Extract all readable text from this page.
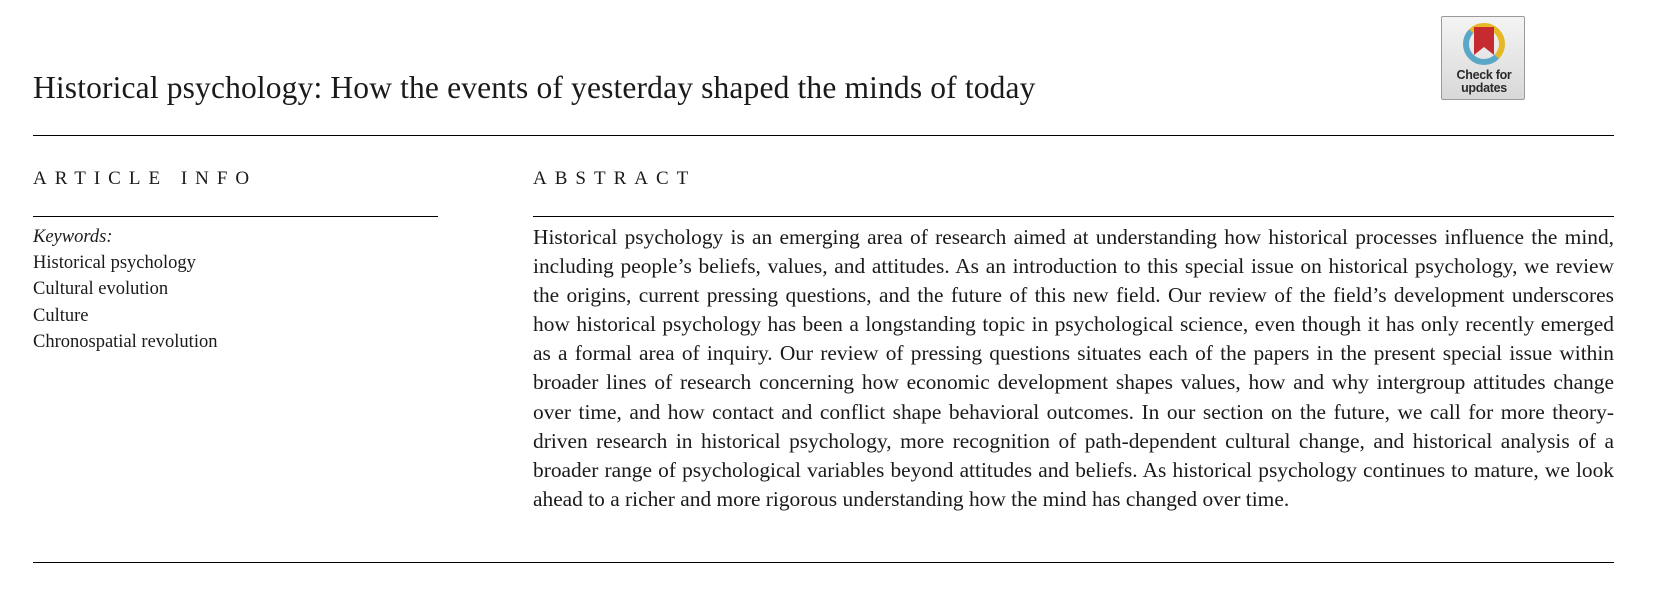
Historical psychology: How the events of yesterday shaped the minds of today	Check for
updates
ARTICLE INFO	ABSTRACT
Keywords:
Historical psychology
Cultural evolution
Culture
Chronospatial revolution

Historical psychology is an emerging area of research aimed at understanding how historical processes influence the mind, including people’s beliefs, values, and attitudes. As an introduction to this special issue on historical psychology, we review the origins, current pressing questions, and the future of this new field. Our review of the field’s development underscores how historical psychology has been a longstanding topic in psychological science, even though it has only recently emerged as a formal area of inquiry. Our review of pressing questions situates each of the papers in the present special issue within broader lines of research concerning how economic development shapes values, how and why intergroup attitudes change over time, and how contact and conflict shape behavioral outcomes. In our section on the future, we call for more theory-driven research in historical psychology, more recognition of path-dependent cultural change, and historical analysis of a broader range of psychological variables beyond attitudes and beliefs. As historical psychology continues to mature, we look ahead to a richer and more rigorous understanding how the mind has changed over time.
